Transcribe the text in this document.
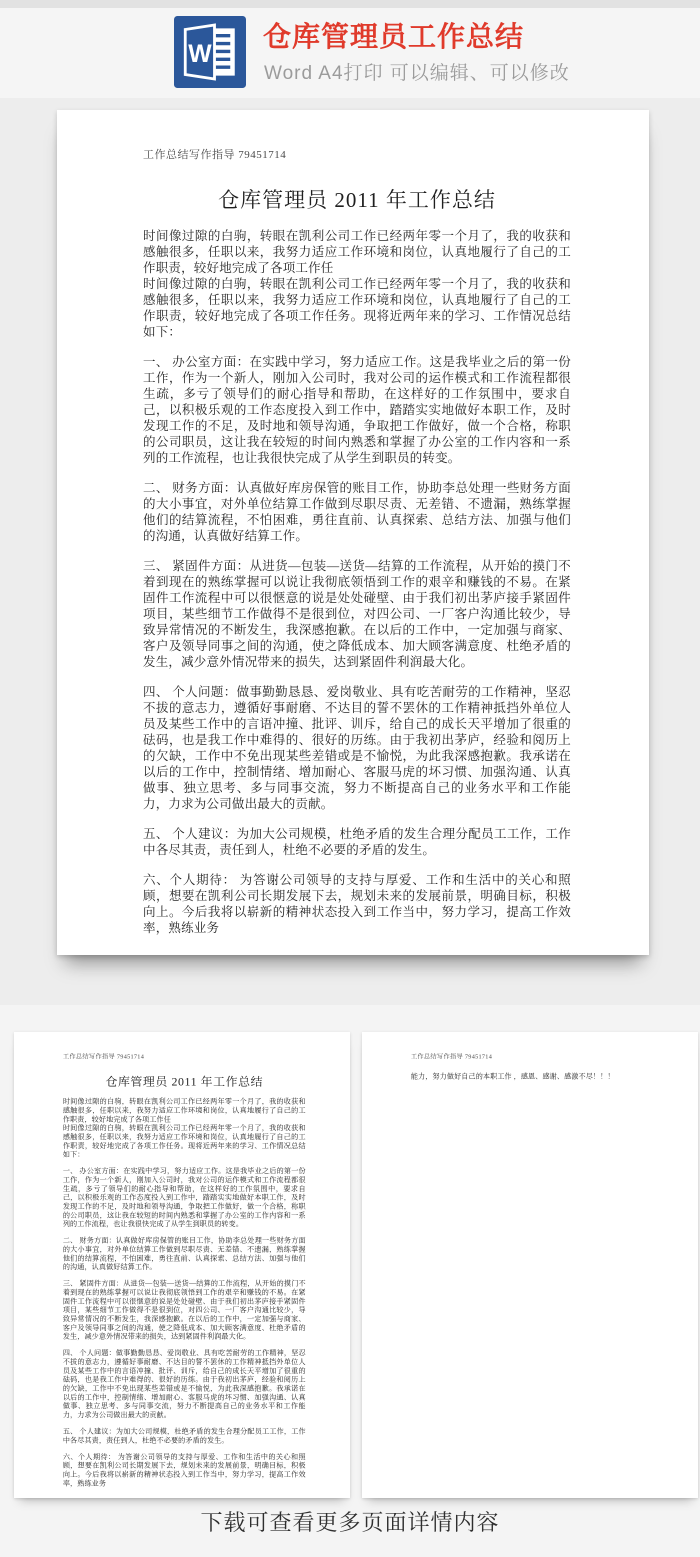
W
仓库管理员工作总结
Word A4打印 可以编辑、可以修改
工作总结写作指导 79451714
仓库管理员 2011 年工作总结

时间像过隙的白驹，转眼在凯利公司工作已经两年零一个月了，我的收获和感触很多，任职以来，我努力适应工作环境和岗位，认真地履行了自己的工作职责，较好地完成了各项工作任

时间像过隙的白驹，转眼在凯利公司工作已经两年零一个月了，我的收获和感触很多，任职以来，我努力适应工作环境和岗位，认真地履行了自己的工作职责，较好地完成了各项工作任务。现将近两年来的学习、工作情况总结如下：

一、 办公室方面：在实践中学习，努力适应工作。这是我毕业之后的第一份工作，作为一个新人，刚加入公司时，我对公司的运作模式和工作流程都很生疏，多亏了领导们的耐心指导和帮助，在这样好的工作氛围中，要求自己，以积极乐观的工作态度投入到工作中，踏踏实实地做好本职工作，及时发现工作的不足，及时地和领导沟通，争取把工作做好，做一个合格，称职的公司职员，这让我在较短的时间内熟悉和掌握了办公室的工作内容和一系列的工作流程，也让我很快完成了从学生到职员的转变。

二、 财务方面：认真做好库房保管的账目工作，协助李总处理一些财务方面的大小事宜，对外单位结算工作做到尽职尽责、无差错、不遗漏，熟练掌握他们的结算流程，不怕困难，勇往直前、认真探索、总结方法、加强与他们的沟通，认真做好结算工作。

三、 紧固件方面：从进货—包装—送货—结算的工作流程，从开始的摸门不着到现在的熟练掌握可以说让我彻底领悟到工作的艰辛和赚钱的不易。在紧固件工作流程中可以很惬意的说是处处碰壁、由于我们初出茅庐接手紧固件项目，某些细节工作做得不是很到位，对四公司、一厂客户沟通比较少，导致异常情况的不断发生，我深感抱歉。在以后的工作中，一定加强与商家、客户及领导同事之间的沟通，使之降低成本、加大顾客满意度、杜绝矛盾的发生，减少意外情况带来的损失，达到紧固件利润最大化。

四、 个人问题：做事勤勤恳恳、爱岗敬业、具有吃苦耐劳的工作精神，坚忍不拔的意志力，遵循好事耐磨、不达目的誓不罢休的工作精神抵挡外单位人员及某些工作中的言语冲撞、批评、训斥，给自己的成长天平增加了很重的砝码，也是我工作中难得的、很好的历练。由于我初出茅庐，经验和阅历上的欠缺，工作中不免出现某些差错或是不愉悦，为此我深感抱歉。我承诺在以后的工作中，控制情绪、增加耐心、客服马虎的坏习惯、加强沟通、认真做事、独立思考、多与同事交流，努力不断提高自己的业务水平和工作能力，力求为公司做出最大的贡献。

五、 个人建议：为加大公司规模，杜绝矛盾的发生合理分配员工工作，工作中各尽其责，责任到人，杜绝不必要的矛盾的发生。

六、个人期待： 为答谢公司领导的支持与厚爱、工作和生活中的关心和照顾，想要在凯利公司长期发展下去，规划未来的发展前景，明确目标，积极向上。今后我将以崭新的精神状态投入到工作当中，努力学习，提高工作效率，熟练业务

工作总结写作指导 79451714
仓库管理员 2011 年工作总结

时间像过隙的白驹，转眼在凯利公司工作已经两年零一个月了，我的收获和感触很多，任职以来，我努力适应工作环境和岗位，认真地履行了自己的工作职责，较好地完成了各项工作任

时间像过隙的白驹，转眼在凯利公司工作已经两年零一个月了，我的收获和感触很多，任职以来，我努力适应工作环境和岗位，认真地履行了自己的工作职责，较好地完成了各项工作任务。现将近两年来的学习、工作情况总结如下：

一、 办公室方面：在实践中学习，努力适应工作。这是我毕业之后的第一份工作，作为一个新人，刚加入公司时，我对公司的运作模式和工作流程都很生疏，多亏了领导们的耐心指导和帮助，在这样好的工作氛围中，要求自己，以积极乐观的工作态度投入到工作中，踏踏实实地做好本职工作，及时发现工作的不足，及时地和领导沟通，争取把工作做好，做一个合格，称职的公司职员，这让我在较短的时间内熟悉和掌握了办公室的工作内容和一系列的工作流程，也让我很快完成了从学生到职员的转变。

二、 财务方面：认真做好库房保管的账目工作，协助李总处理一些财务方面的大小事宜，对外单位结算工作做到尽职尽责、无差错、不遗漏，熟练掌握他们的结算流程，不怕困难，勇往直前、认真探索、总结方法、加强与他们的沟通，认真做好结算工作。

三、 紧固件方面：从进货—包装—送货—结算的工作流程，从开始的摸门不着到现在的熟练掌握可以说让我彻底领悟到工作的艰辛和赚钱的不易。在紧固件工作流程中可以很惬意的说是处处碰壁、由于我们初出茅庐接手紧固件项目，某些细节工作做得不是很到位，对四公司、一厂客户沟通比较少，导致异常情况的不断发生，我深感抱歉。在以后的工作中，一定加强与商家、客户及领导同事之间的沟通，使之降低成本、加大顾客满意度、杜绝矛盾的发生，减少意外情况带来的损失，达到紧固件利润最大化。

四、 个人问题：做事勤勤恳恳、爱岗敬业、具有吃苦耐劳的工作精神，坚忍不拔的意志力，遵循好事耐磨、不达目的誓不罢休的工作精神抵挡外单位人员及某些工作中的言语冲撞、批评、训斥，给自己的成长天平增加了很重的砝码，也是我工作中难得的、很好的历练。由于我初出茅庐，经验和阅历上的欠缺，工作中不免出现某些差错或是不愉悦，为此我深感抱歉。我承诺在以后的工作中，控制情绪、增加耐心、客服马虎的坏习惯、加强沟通、认真做事、独立思考、多与同事交流，努力不断提高自己的业务水平和工作能力，力求为公司做出最大的贡献。

五、 个人建议：为加大公司规模，杜绝矛盾的发生合理分配员工工作，工作中各尽其责，责任到人，杜绝不必要的矛盾的发生。

六、个人期待： 为答谢公司领导的支持与厚爱、工作和生活中的关心和照顾，想要在凯利公司长期发展下去，规划未来的发展前景，明确目标，积极向上。今后我将以崭新的精神状态投入到工作当中，努力学习，提高工作效率，熟练业务

工作总结写作指导 79451714

能力，努力做好自己的本职工作 ，感恩、感谢、感激不尽！！！

下载可查看更多页面详情内容
